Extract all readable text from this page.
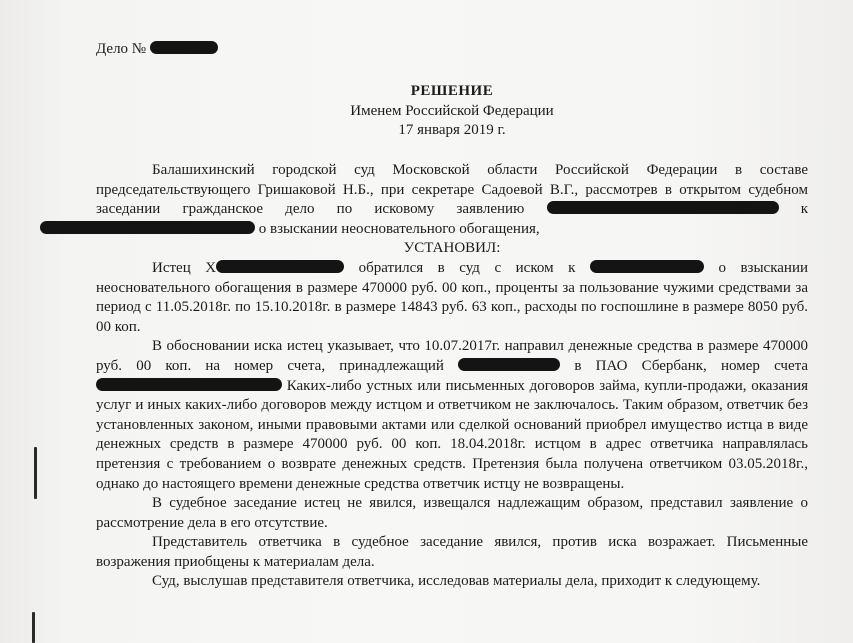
Дело №
РЕШЕНИЕ
Именем Российской Федерации
17 января 2019 г.

Балашихинский городской суд Московской области Российской Федерации в составе председательствующего Гришаковой Н.Б., при секретаре Садоевой В.Г., рассмотрев в открытом судебном заседании гражданское дело по исковому заявлению	к  о взыскании неосновательного обогащения,

УСТАНОВИЛ:

Истец Х	обратился в суд с иском к	о взыскании неосновательного обогащения в размере 470000 руб. 00 коп., проценты за пользование чужими средствами за период с 11.05.2018г. по 15.10.2018г. в размере 14843 руб. 63 коп., расходы по госпошлине в размере 8050 руб. 00 коп.

В обосновании иска истец указывает, что 10.07.2017г. направил денежные средства в размере 470000 руб. 00 коп. на номер счета, принадлежащий	в ПАО Сбербанк, номер счета  Каких-либо устных или письменных договоров займа, купли-продажи, оказания услуг и иных каких-либо договоров между истцом и ответчиком не заключалось. Таким образом, ответчик без установленных законом, иными правовыми актами или сделкой оснований приобрел имущество истца в виде денежных средств в размере 470000 руб. 00 коп. 18.04.2018г. истцом в адрес ответчика направлялась претензия с требованием о возврате денежных средств. Претензия была получена ответчиком 03.05.2018г., однако до настоящего времени денежные средства ответчик истцу не возвращены.

В судебное заседание истец не явился, извещался надлежащим образом, представил заявление о рассмотрение дела в его отсутствие.

Представитель ответчика в судебное заседание явился, против иска возражает. Письменные возражения приобщены к материалам дела.

Суд, выслушав представителя ответчика, исследовав материалы дела, приходит к следующему.
